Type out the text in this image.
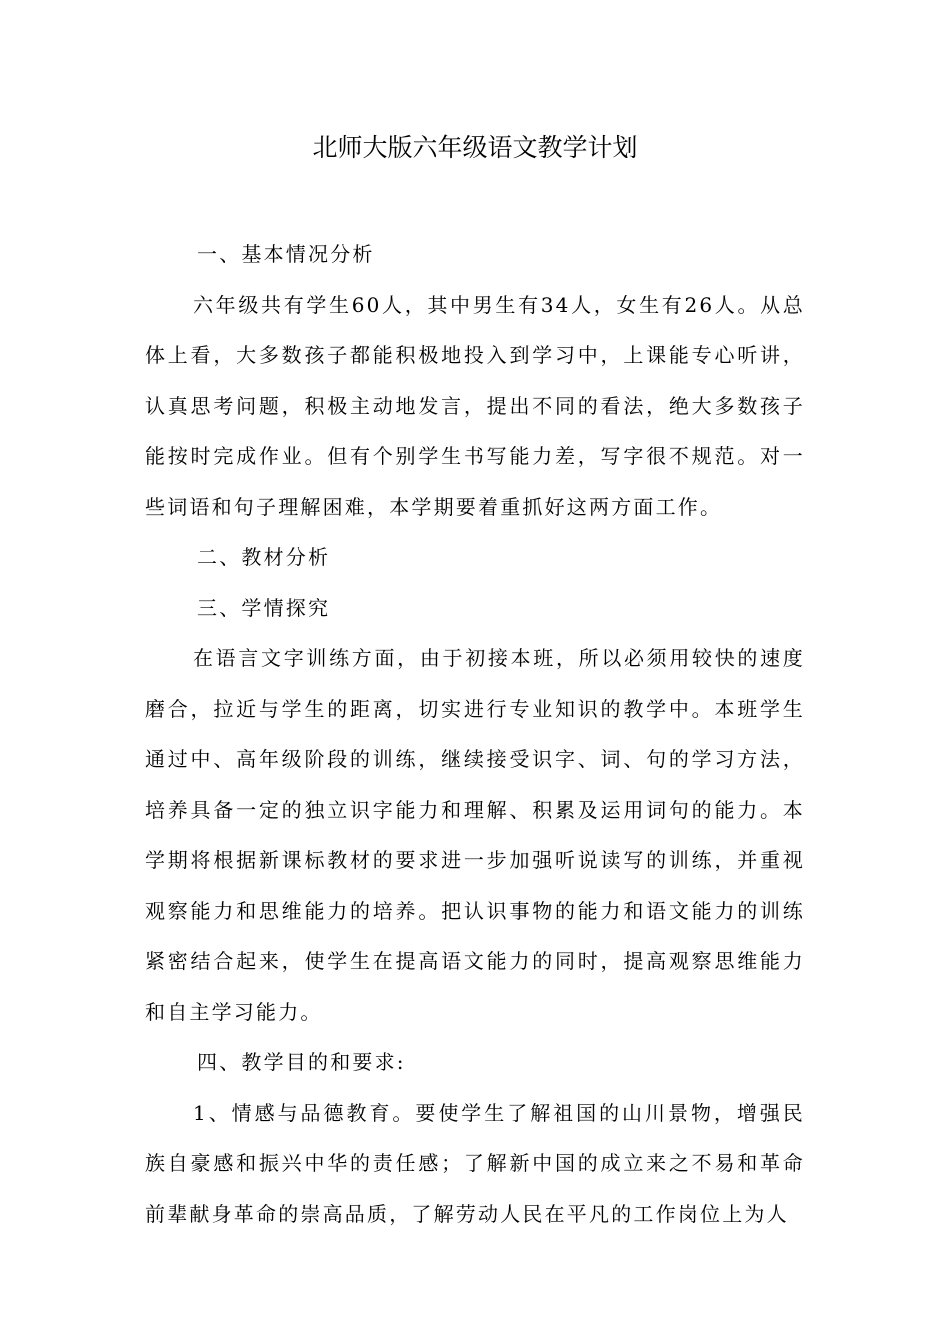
北师大版六年级语文教学计划

一、基本情况分析

六年级共有学生60人，其中男生有34人，女生有26人。从总体上看，大多数孩子都能积极地投入到学习中，上课能专心听讲，认真思考问题，积极主动地发言，提出不同的看法，绝大多数孩子能按时完成作业。但有个别学生书写能力差，写字很不规范。对一些词语和句子理解困难，本学期要着重抓好这两方面工作。

二、教材分析

三、学情探究

在语言文字训练方面，由于初接本班，所以必须用较快的速度磨合，拉近与学生的距离，切实进行专业知识的教学中。本班学生通过中、高年级阶段的训练，继续接受识字、词、句的学习方法，培养具备一定的独立识字能力和理解、积累及运用词句的能力。本学期将根据新课标教材的要求进一步加强听说读写的训练，并重视观察能力和思维能力的培养。把认识事物的能力和语文能力的训练紧密结合起来，使学生在提高语文能力的同时，提高观察思维能力和自主学习能力。

四、教学目的和要求:

1、情感与品德教育。要使学生了解祖国的山川景物，增强民族自豪感和振兴中华的责任感；了解新中国的成立来之不易和革命前辈献身革命的崇高品质，了解劳动人民在平凡的工作岗位上为人
